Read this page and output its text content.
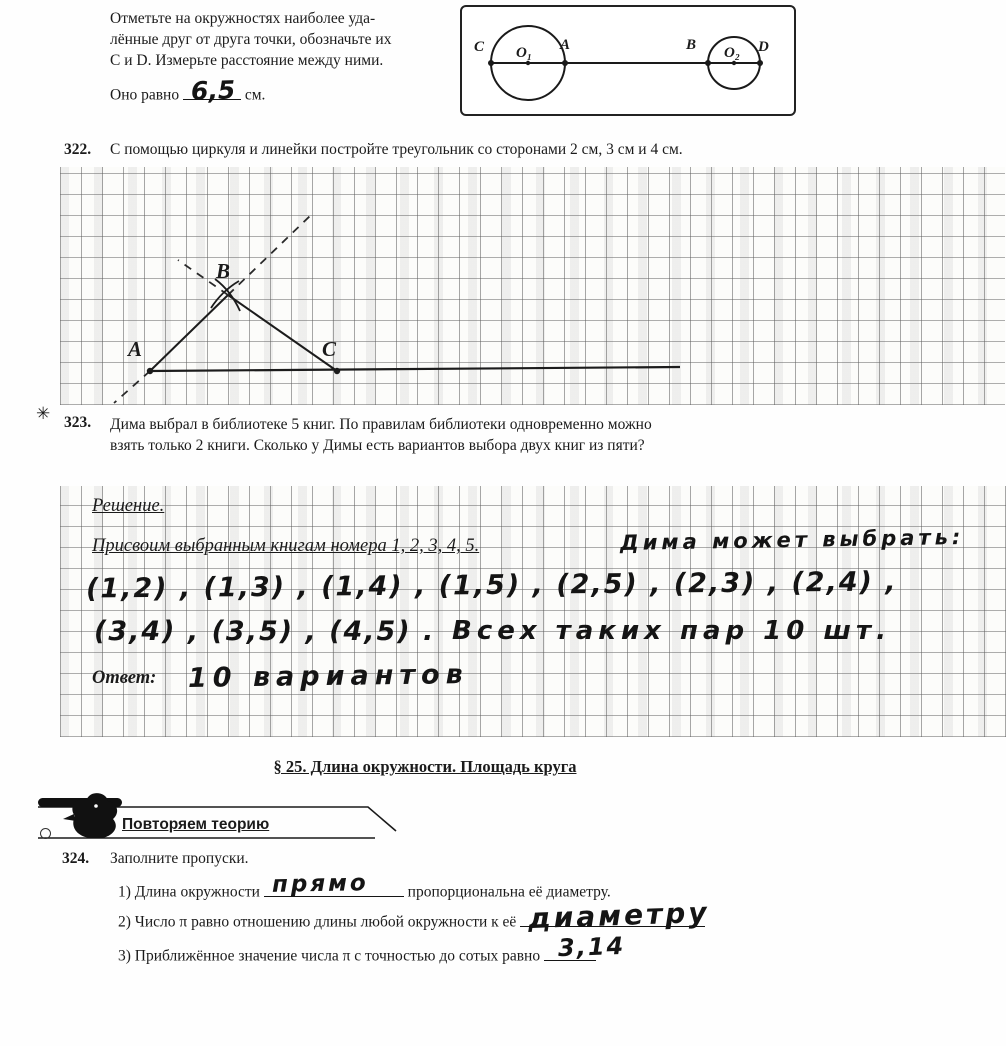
Отметьте на окружностях наиболее уда-
лённые друг от друга точки, обозначьте их
C и D. Измерьте расстояние между ними.
Оно равно 6,5 см.
C O₁ A	B O₂ D
322. С помощью циркуля и линейки постройте треугольник со сторонами 2 см, 3 см и 4 см.
A
B
C
✳ 323. Дима выбрал в библиотеке 5 книг. По правилам библиотеки одновременно можно
взять только 2 книги. Сколько у Димы есть вариантов выбора двух книг из пяти?
Решение.
Присвоим выбранным книгам номера 1, 2, 3, 4, 5.	Дима может выбрать:
(1,2) , (1,3) , (1,4) , (1,5) , (2,5) , (2,3) , (2,4) ,
(3,4) , (3,5) , (4,5) . Всех таких пар 10 шт.
Ответ: 10 вариантов
§ 25. Длина окружности. Площадь круга
Повторяем теорию
324. Заполните пропуски.
1) Длина окружности прямо	пропорциональна её диаметру.
2) Число π равно отношению длины любой окружности к её диаметру
3) Приближённое значение числа π с точностью до сотых равно 3,14
